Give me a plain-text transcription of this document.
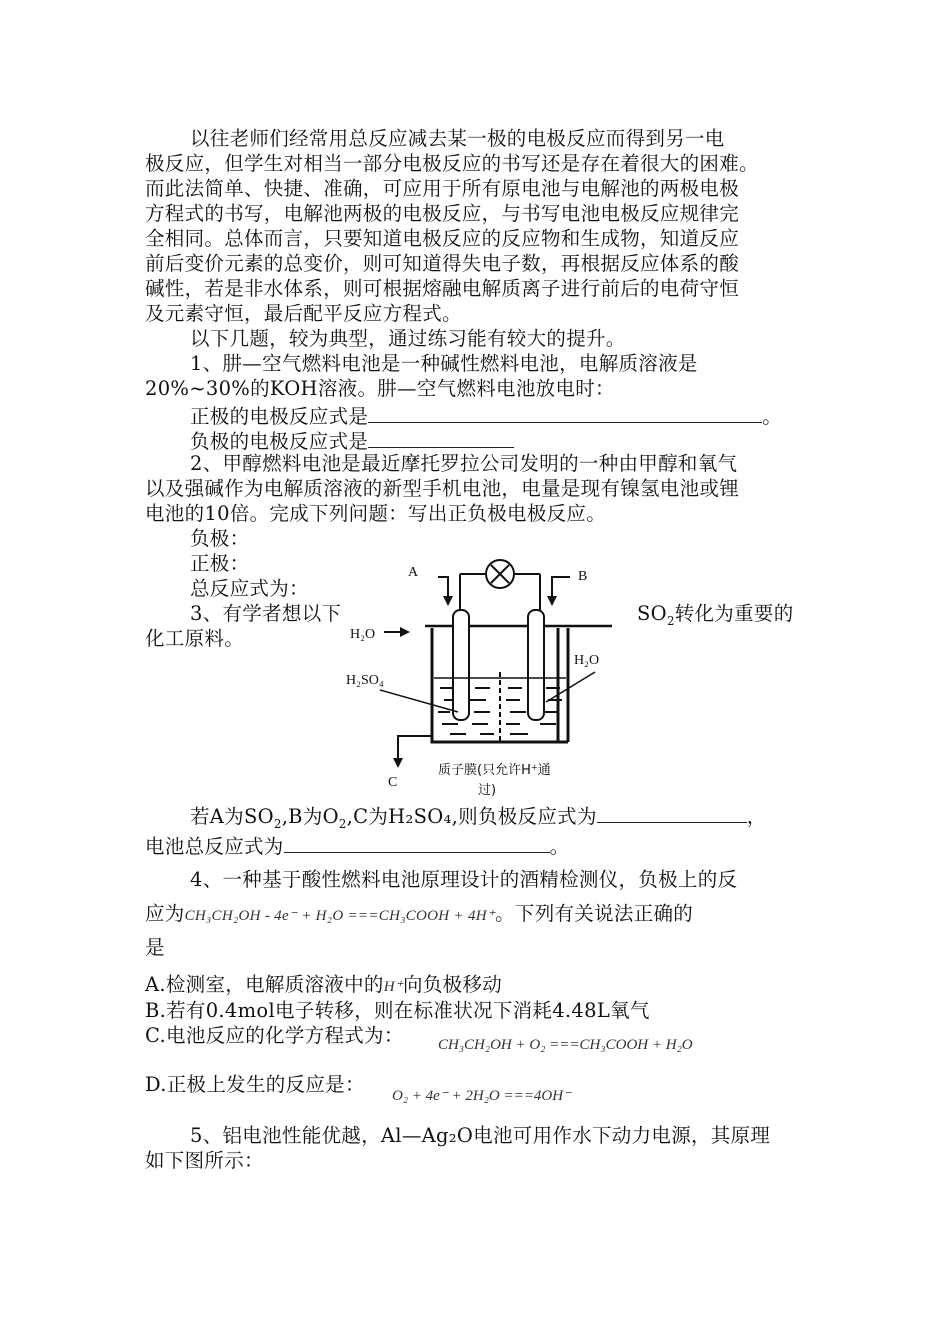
以往老师们经常用总反应减去某一极的电极反应而得到另一电
极反应，但学生对相当一部分电极反应的书写还是存在着很大的困难。
而此法简单、快捷、准确，可应用于所有原电池与电解池的两极电极
方程式的书写，电解池两极的电极反应，与书写电池电极反应规律完
全相同。总体而言，只要知道电极反应的反应物和生成物，知道反应
前后变价元素的总变价，则可知道得失电子数，再根据反应体系的酸
碱性，若是非水体系，则可根据熔融电解质离子进行前后的电荷守恒
及元素守恒，最后配平反应方程式。
以下几题，较为典型，通过练习能有较大的提升。
1、肼—空气燃料电池是一种碱性燃料电池，电解质溶液是
20%~30%的KOH溶液。肼—空气燃料电池放电时：
正极的电极反应式是	。
负极的电极反应式是
2、甲醇燃料电池是最近摩托罗拉公司发明的一种由甲醇和氧气
以及强碱作为电解质溶液的新型手机电池，电量是现有镍氢电池或锂
电池的10倍。完成下列问题：写出正负极电极反应。
负极：
正极：
总反应式为：
3、有学者想以下	$SO_2$转化为重要的
化工原料。
A	B
H₂O
H₂O
H₂SO₄
C
质子膜(只允许H⁺通
过)
若A为$SO_2,B$为$O_2,C$为H₂SO₄,则负极反应式为	，
电池总反应式为	。
4、一种基于酸性燃料电池原理设计的酒精检测仪，负极上的反
应为CH₃CH₂OH - 4e⁻ + H₂O ===CH₃COOH + 4H⁺。下列有关说法正确的
是
A.检测室，电解质溶液中的H⁺向负极移动
B.若有0.4mol电子转移，则在标准状况下消耗4.48L氧气
C.电池反应的化学方程式为： CH₃CH₂OH + O₂ ===CH₃COOH + H₂O
D.正极上发生的反应是： O₂ + 4e⁻ + 2H₂O ===4OH⁻
5、铝电池性能优越，Al—Ag₂O电池可用作水下动力电源，其原理
如下图所示：
